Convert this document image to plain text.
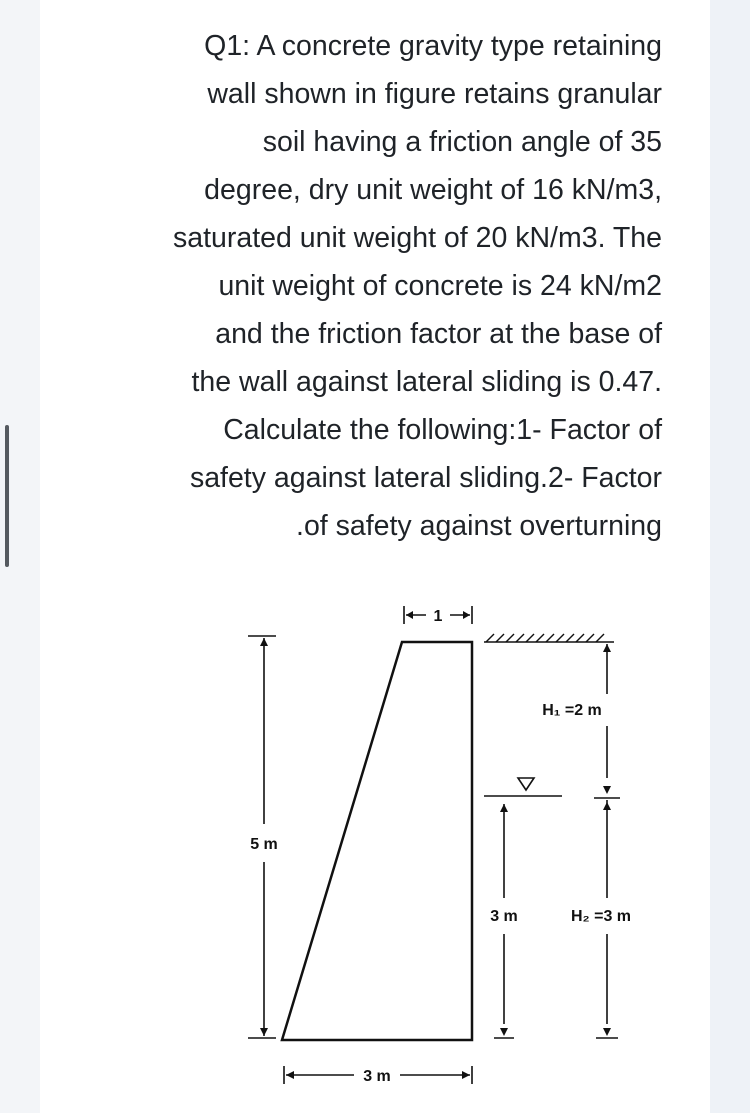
Q1: A concrete gravity type retaining
wall shown in figure retains granular
soil having a friction angle of 35
degree, dry unit weight of 16 kN/m3,
saturated unit weight of 20 kN/m3. The
unit weight of concrete is 24 kN/m2
and the friction factor at the base of
the wall against lateral sliding is 0.47.
Calculate the following:1- Factor of
safety against lateral sliding.2- Factor
.of safety against overturning

1
5 m
3 m
H₁ =2 m
H₂ =3 m
3 m
